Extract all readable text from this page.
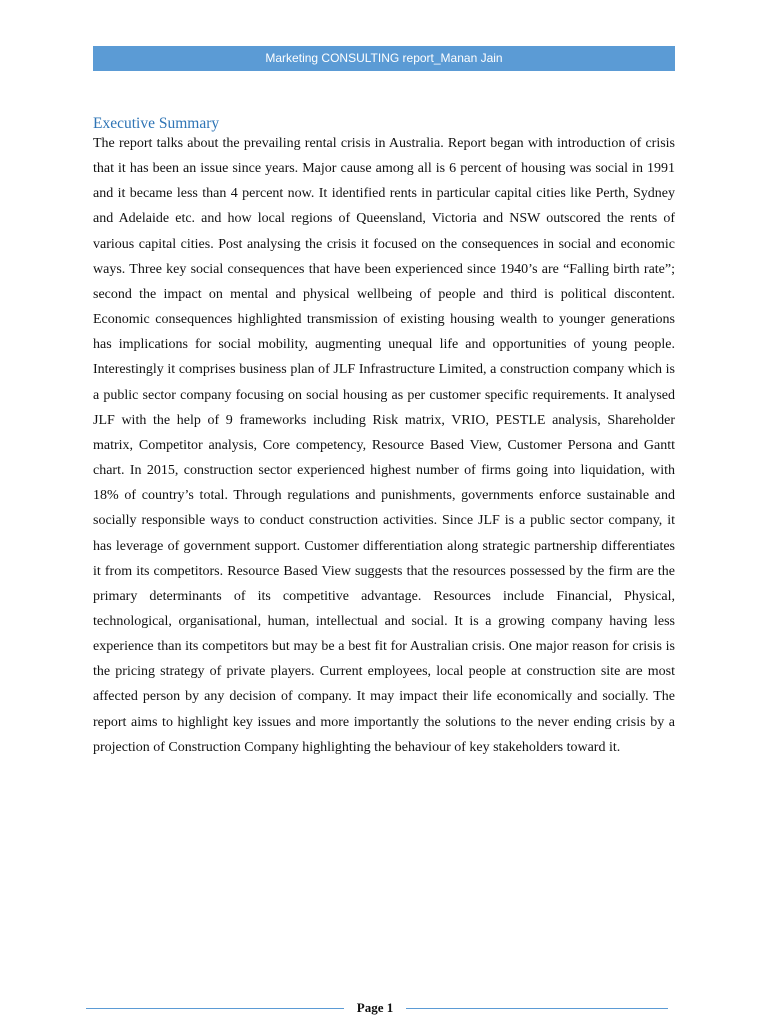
Marketing CONSULTING report_Manan Jain
Executive Summary

The report talks about the prevailing rental crisis in Australia. Report began with introduction of crisis that it has been an issue since years. Major cause among all is 6 percent of housing was social in 1991 and it became less than 4 percent now. It identified rents in particular capital cities like Perth, Sydney and Adelaide etc. and how local regions of Queensland, Victoria and NSW outscored the rents of various capital cities. Post analysing the crisis it focused on the consequences in social and economic ways. Three key social consequences that have been experienced since 1940’s are “Falling birth rate”; second the impact on mental and physical wellbeing of people and third is political discontent. Economic consequences highlighted transmission of existing housing wealth to younger generations has implications for social mobility, augmenting unequal life and opportunities of young people. Interestingly it comprises business plan of JLF Infrastructure Limited, a construction company which is a public sector company focusing on social housing as per customer specific requirements. It analysed JLF with the help of 9 frameworks including Risk matrix, VRIO, PESTLE analysis, Shareholder matrix, Competitor analysis, Core competency, Resource Based View, Customer Persona and Gantt chart. In 2015, construction sector experienced highest number of firms going into liquidation, with 18% of country’s total. Through regulations and punishments, governments enforce sustainable and socially responsible ways to conduct construction activities. Since JLF is a public sector company, it has leverage of government support. Customer differentiation along strategic partnership differentiates it from its competitors. Resource Based View suggests that the resources possessed by the firm are the primary determinants of its competitive advantage. Resources include Financial, Physical, technological, organisational, human, intellectual and social. It is a growing company having less experience than its competitors but may be a best fit for Australian crisis. One major reason for crisis is the pricing strategy of private players. Current employees, local people at construction site are most affected person by any decision of company. It may impact their life economically and socially. The report aims to highlight key issues and more importantly the solutions to the never ending crisis by a projection of Construction Company highlighting the behaviour of key stakeholders toward it.

Page 1
